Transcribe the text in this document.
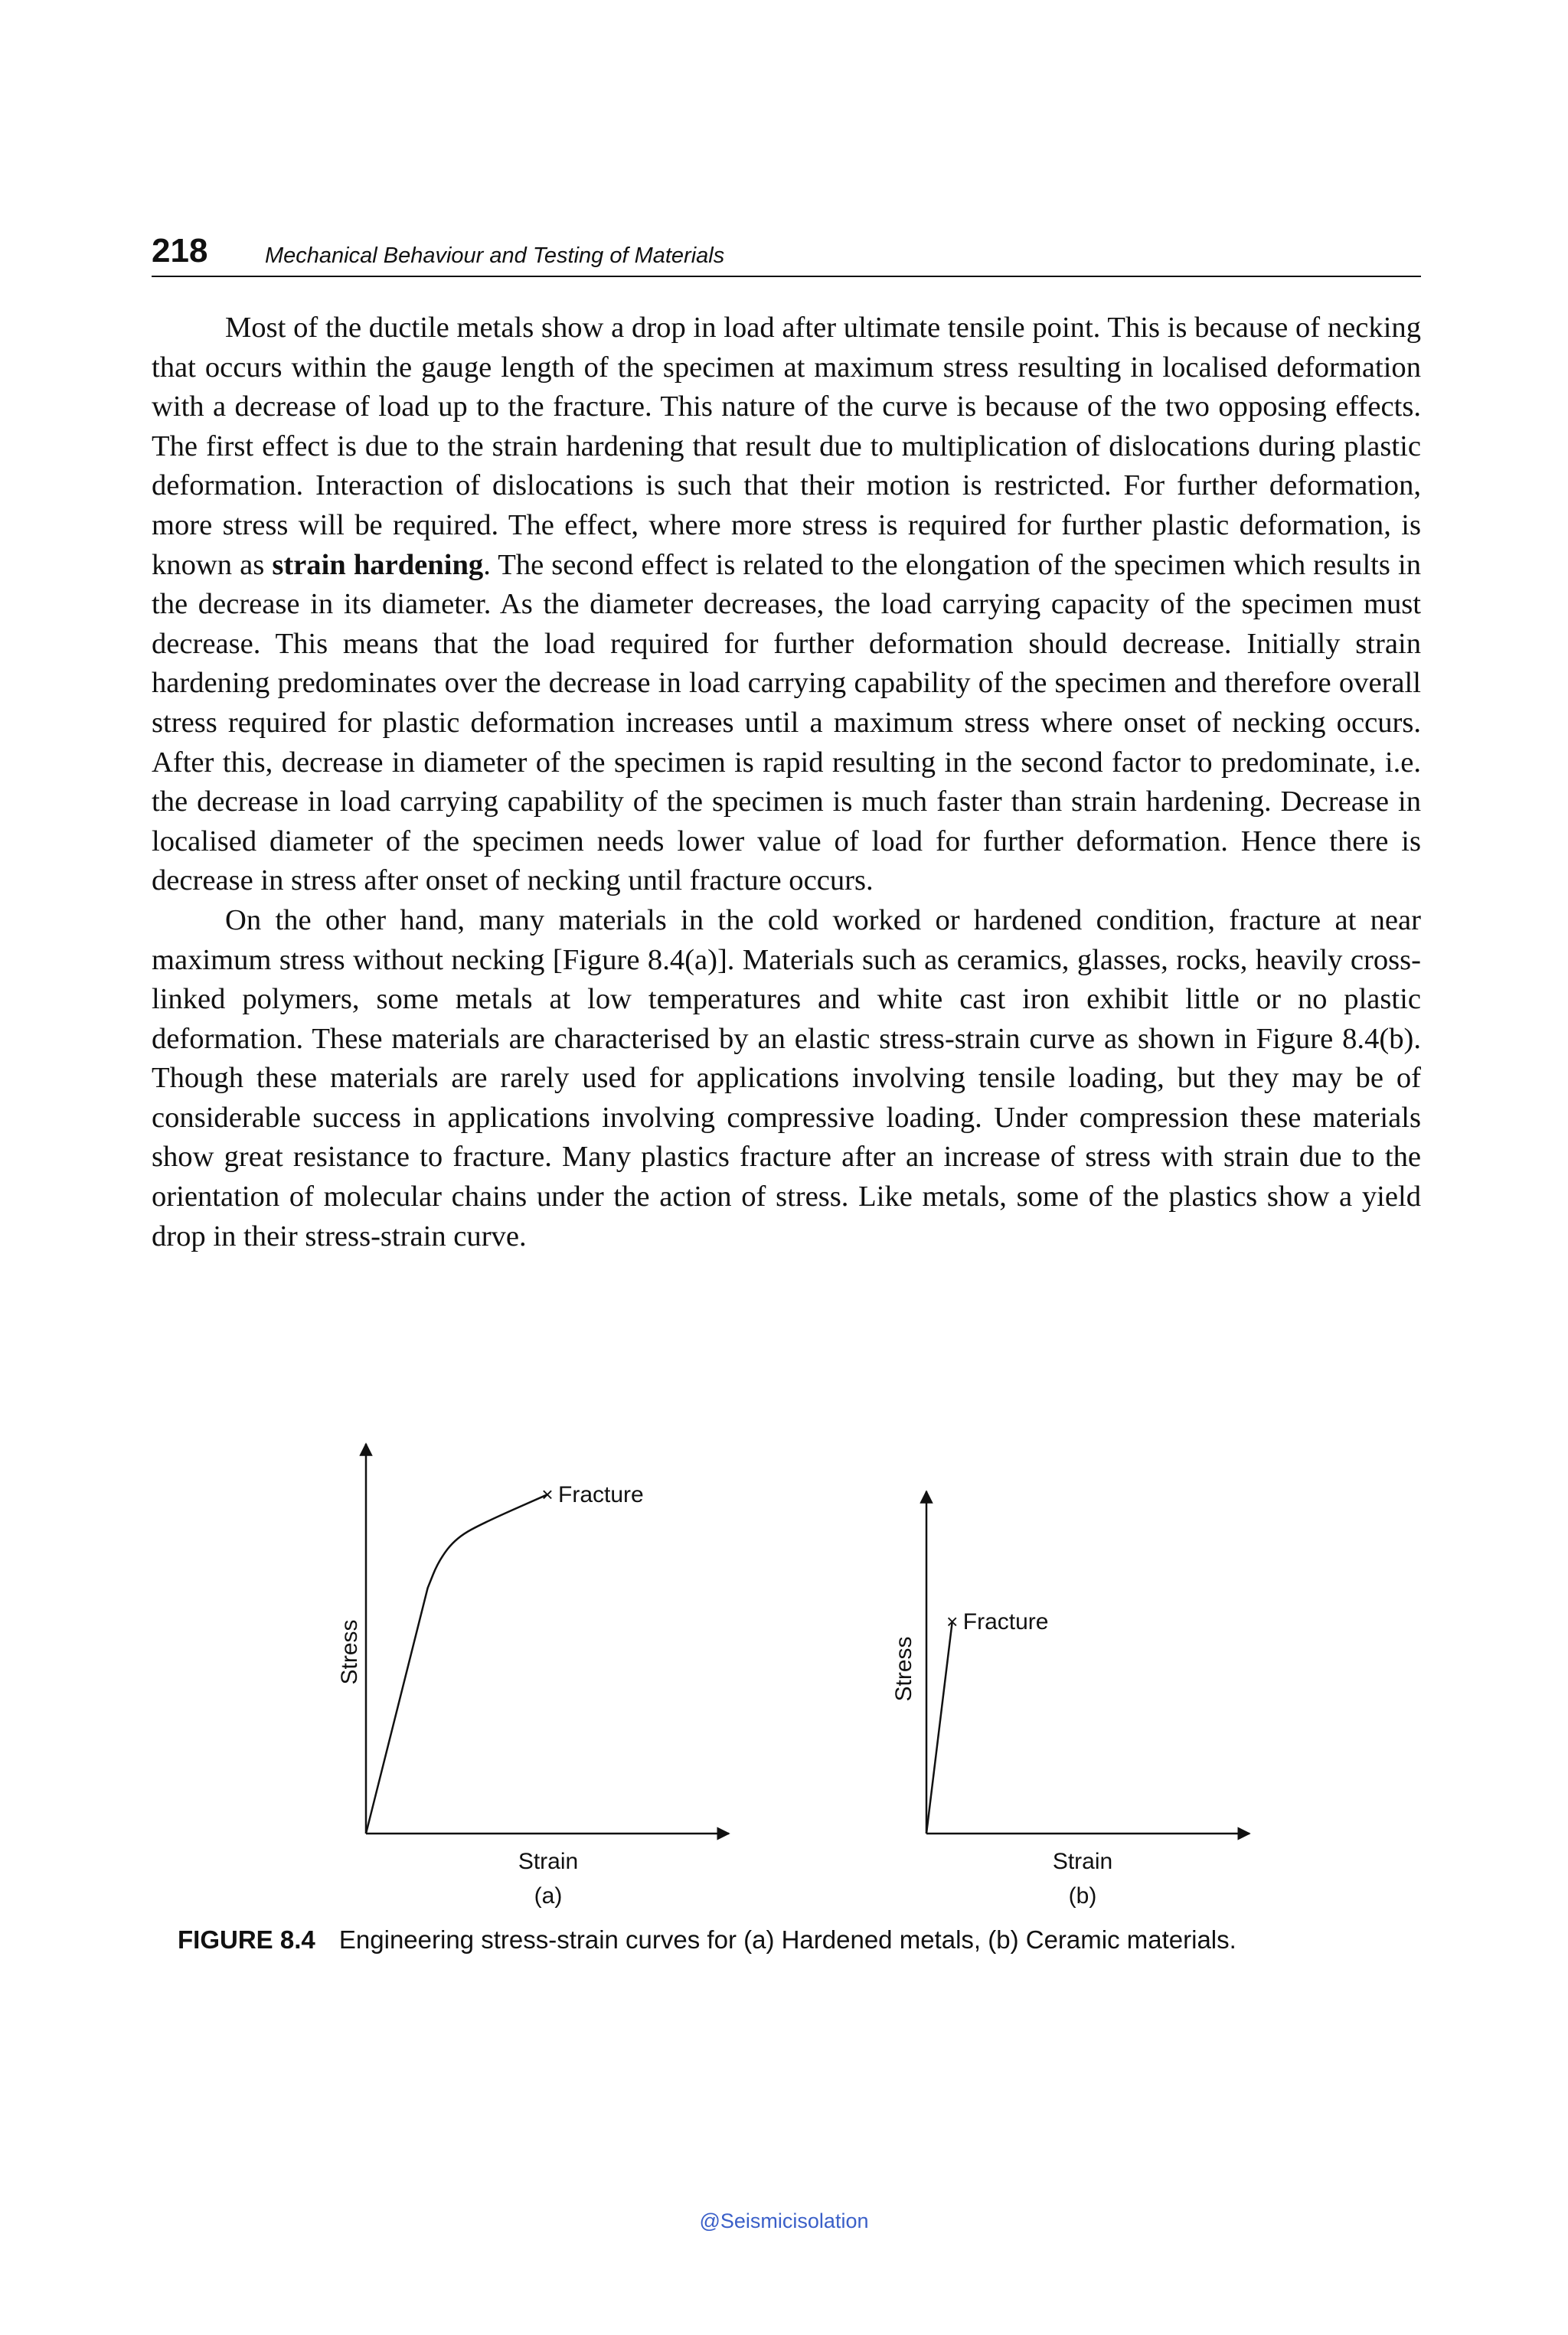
218	Mechanical Behaviour and Testing of Materials

Most of the ductile metals show a drop in load after ultimate tensile point. This is because of necking that occurs within the gauge length of the specimen at maximum stress resulting in localised deformation with a decrease of load up to the fracture. This nature of the curve is because of the two opposing effects. The first effect is due to the strain hardening that result due to multiplication of dislocations during plastic deformation. Interaction of dislocations is such that their motion is restricted. For further deformation, more stress will be required. The effect, where more stress is required for further plastic deformation, is known as strain hardening. The second effect is related to the elongation of the specimen which results in the decrease in its diameter. As the diameter decreases, the load carrying capacity of the specimen must decrease. This means that the load required for further deformation should decrease. Initially strain hardening predominates over the decrease in load carrying capability of the specimen and therefore overall stress required for plastic deformation increases until a maximum stress where onset of necking occurs. After this, decrease in diameter of the specimen is rapid resulting in the second factor to predominate, i.e. the decrease in load carrying capability of the specimen is much faster than strain hardening. Decrease in localised diameter of the specimen needs lower value of load for further deformation. Hence there is decrease in stress after onset of necking until fracture occurs.

On the other hand, many materials in the cold worked or hardened condition, fracture at near maximum stress without necking [Figure 8.4(a)]. Materials such as ceramics, glasses, rocks, heavily cross-linked polymers, some metals at low temperatures and white cast iron exhibit little or no plastic deformation. These materials are characterised by an elastic stress-strain curve as shown in Figure 8.4(b). Though these materials are rarely used for applications involving tensile loading, but they may be of considerable success in applications involving compressive loading. Under compression these materials show great resistance to fracture. Many plastics fracture after an increase of stress with strain due to the orientation of molecular chains under the action of stress. Like metals, some of the plastics show a yield drop in their stress-strain curve.

× Fracture
Stress
Strain
(a)
× Fracture
Stress
Strain
(b)
FIGURE 8.4 Engineering stress-strain curves for (a) Hardened metals, (b) Ceramic materials.
@Seismicisolation
